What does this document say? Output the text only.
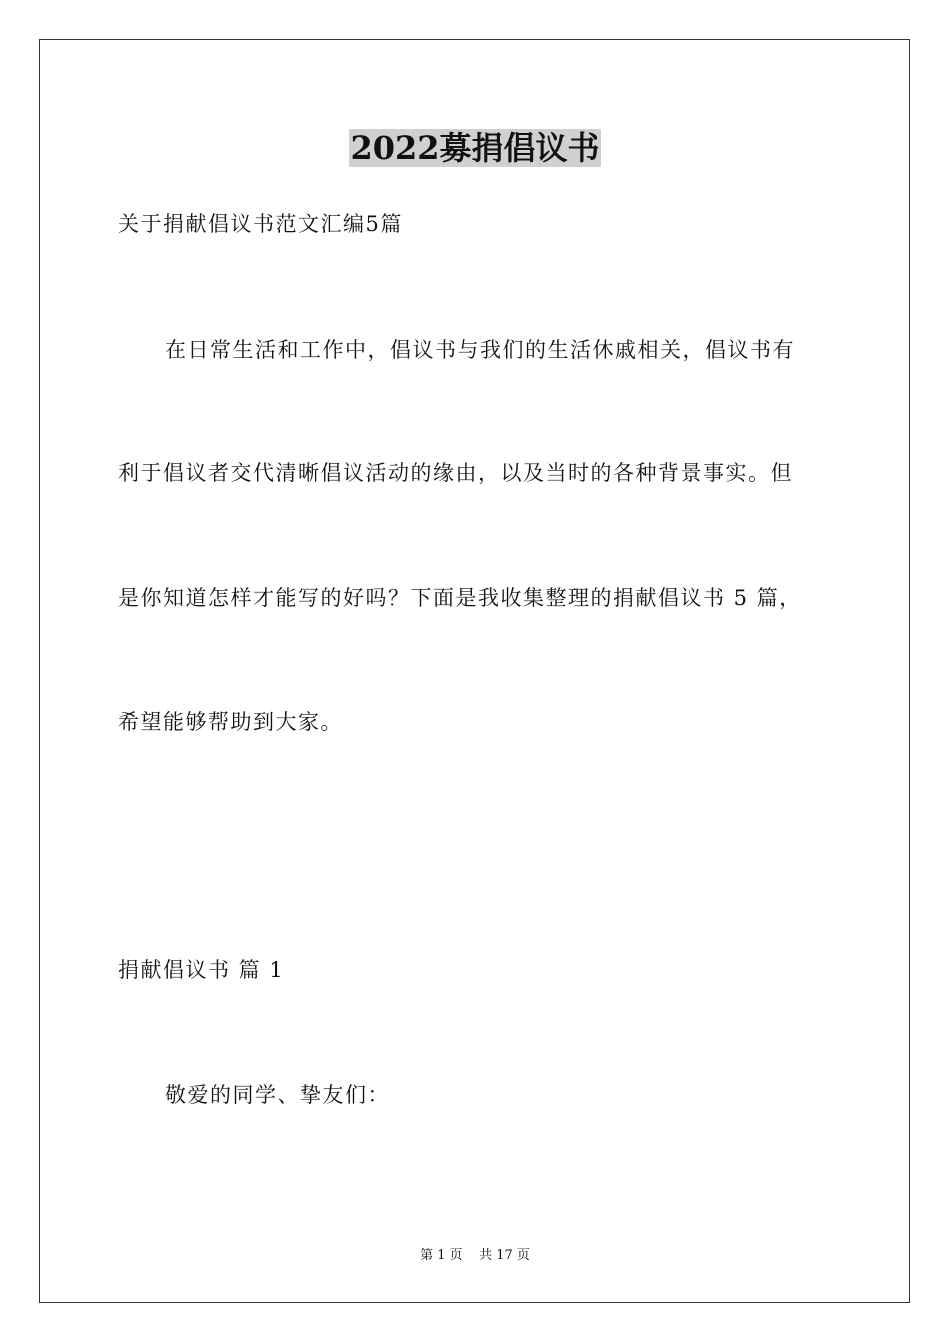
2022募捐倡议书
关于捐献倡议书范文汇编5篇
在日常生活和工作中，倡议书与我们的生活休戚相关，倡议书有
利于倡议者交代清晰倡议活动的缘由，以及当时的各种背景事实。但
是你知道怎样才能写的好吗？下面是我收集整理的捐献倡议书 5 篇，
希望能够帮助到大家。
捐献倡议书 篇 1
敬爱的同学、挚友们：
第 1 页    共 17 页
